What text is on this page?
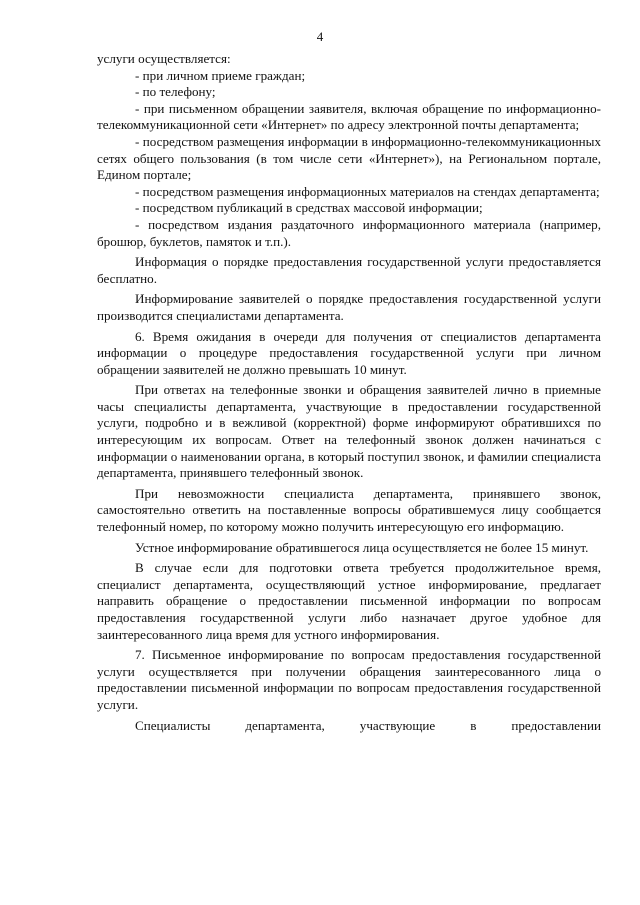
4

услуги осуществляется:

- при личном приеме граждан;

- по телефону;

- при письменном обращении заявителя, включая обращение по информационно-телекоммуникационной сети «Интернет» по адресу электронной почты департамента;

- посредством размещения информации в информационно-телекоммуникационных сетях общего пользования (в том числе сети «Интернет»), на Региональном портале, Едином портале;

- посредством размещения информационных материалов на стендах департамента;

- посредством публикаций в средствах массовой информации;

- посредством издания раздаточного информационного материала (например, брошюр, буклетов, памяток и т.п.).

Информация о порядке предоставления государственной услуги предоставляется бесплатно.

Информирование заявителей о порядке предоставления государственной услуги производится специалистами департамента.

6. Время ожидания в очереди для получения от специалистов департамента информации о процедуре предоставления государственной услуги при личном обращении заявителей не должно превышать 10 минут.

При ответах на телефонные звонки и обращения заявителей лично в приемные часы специалисты департамента, участвующие в предоставлении государственной услуги, подробно и в вежливой (корректной) форме информируют обратившихся по интересующим их вопросам. Ответ на телефонный звонок должен начинаться с информации о наименовании органа, в который поступил звонок, и фамилии специалиста департамента, принявшего телефонный звонок.

При невозможности специалиста департамента, принявшего звонок, самостоятельно ответить на поставленные вопросы обратившемуся лицу сообщается телефонный номер, по которому можно получить интересующую его информацию.

Устное информирование обратившегося лица осуществляется не более 15 минут.

В случае если для подготовки ответа требуется продолжительное время, специалист департамента, осуществляющий устное информирование, предлагает направить обращение о предоставлении письменной информации по вопросам предоставления государственной услуги либо назначает другое удобное для заинтересованного лица время для устного информирования.

7. Письменное информирование по вопросам предоставления государственной услуги осуществляется при получении обращения заинтересованного лица о предоставлении письменной информации по вопросам предоставления государственной услуги.

Специалисты департамента, участвующие в предоставлении
